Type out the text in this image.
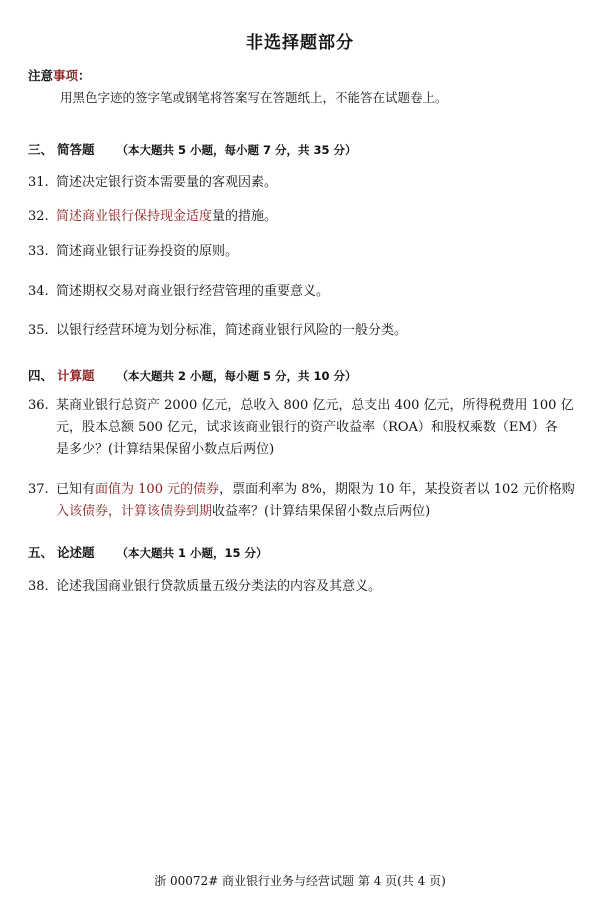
非选择题部分
注意事项：
用黑色字迹的签字笔或钢笔将答案写在答题纸上，不能答在试题卷上。
三、 简答题 （本大题共 5 小题，每小题 7 分，共 35 分）
31. 简述决定银行资本需要量的客观因素。
32. 简述商业银行保持现金适度量的措施。
33. 简述商业银行证券投资的原则。
34. 简述期权交易对商业银行经营管理的重要意义。
35. 以银行经营环境为划分标准，简述商业银行风险的一般分类。
四、 计算题 （本大题共 2 小题，每小题 5 分，共 10 分）
36. 某商业银行总资产 2000 亿元，总收入 800 亿元，总支出 400 亿元，所得税费用 100 亿
元，股本总额 500 亿元，试求该商业银行的资产收益率（ROA）和股权乘数（EM）各
是多少？(计算结果保留小数点后两位)
37. 已知有面值为 100 元的债券，票面利率为 8%，期限为 10 年，某投资者以 102 元价格购
入该债券，计算该债券到期收益率？(计算结果保留小数点后两位)
五、 论述题 （本大题共 1 小题，15 分）
38. 论述我国商业银行贷款质量五级分类法的内容及其意义。
浙 00072# 商业银行业务与经营试题 第 4 页(共 4 页)
